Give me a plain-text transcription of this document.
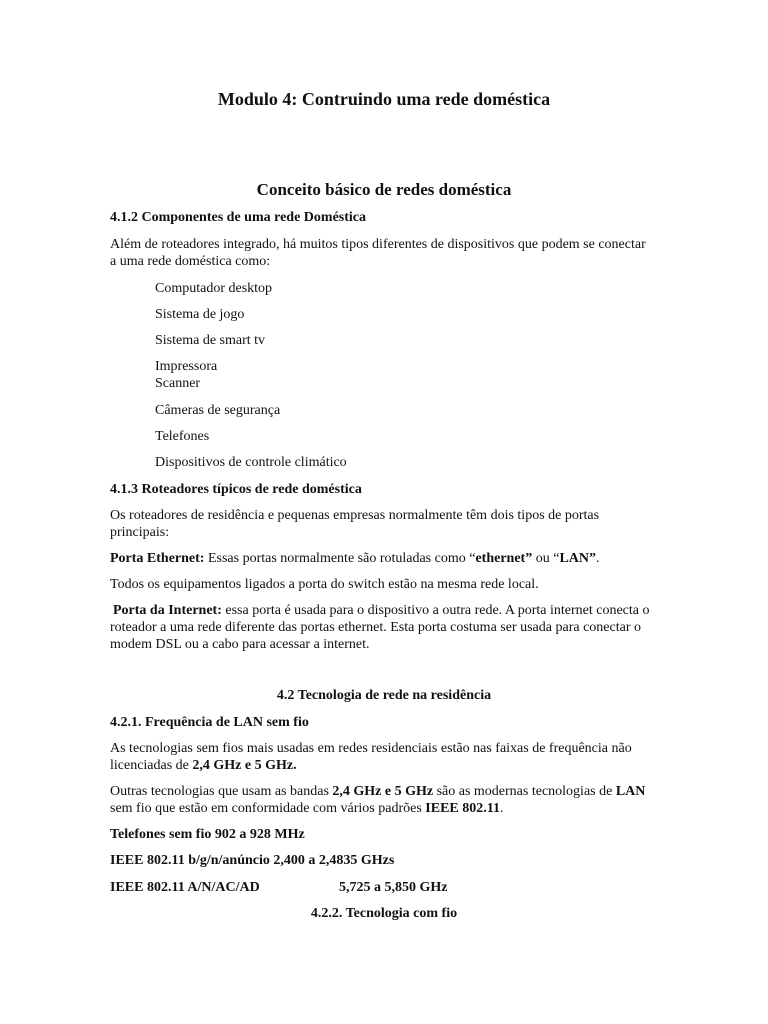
Modulo 4: Contruindo uma rede doméstica
Conceito básico de redes doméstica
4.1.2 Componentes de uma rede Doméstica
Além de roteadores integrado, há muitos tipos diferentes de dispositivos que podem se conectar
a uma rede doméstica como:
Computador desktop
Sistema de jogo
Sistema de smart tv
Impressora
Scanner
Câmeras de segurança
Telefones
Dispositivos de controle climático
4.1.3 Roteadores típicos de rede doméstica
Os roteadores de residência e pequenas empresas normalmente têm dois tipos de portas
principais:
Porta Ethernet: Essas portas normalmente são rotuladas como “ethernet” ou “LAN”.
Todos os equipamentos ligados a porta do switch estão na mesma rede local.
Porta da Internet: essa porta é usada para o dispositivo a outra rede. A porta internet conecta o
roteador a uma rede diferente das portas ethernet. Esta porta costuma ser usada para conectar o
modem DSL ou a cabo para acessar a internet.
4.2 Tecnologia de rede na residência
4.2.1. Frequência de LAN sem fio
As tecnologias sem fios mais usadas em redes residenciais estão nas faixas de frequência não
licenciadas de 2,4 GHz e 5 GHz.
Outras tecnologias que usam as bandas 2,4 GHz e 5 GHz são as modernas tecnologias de LAN
sem fio que estão em conformidade com vários padrões IEEE 802.11.
Telefones sem fio 902 a 928 MHz
IEEE 802.11 b/g/n/anúncio 2,400 a 2,4835 GHzs
IEEE 802.11 A/N/AC/AD	5,725 a 5,850 GHz
4.2.2. Tecnologia com fio
